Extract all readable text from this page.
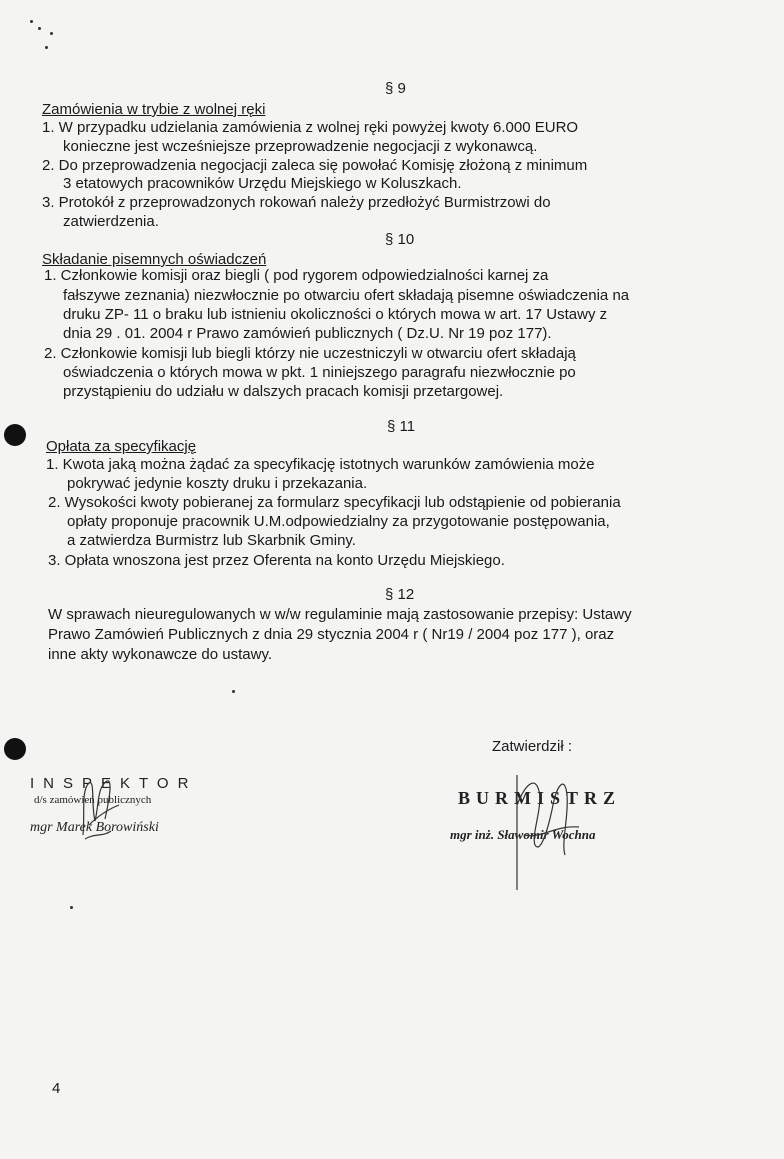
§ 9
Zamówienia w trybie z wolnej ręki
1. W przypadku udzielania zamówienia z wolnej ręki powyżej kwoty 6.000 EURO
konieczne jest wcześniejsze przeprowadzenie negocjacji z wykonawcą.
2. Do przeprowadzenia negocjacji zaleca się powołać Komisję złożoną z minimum
3 etatowych pracowników Urzędu Miejskiego w Koluszkach.
3. Protokół z przeprowadzonych rokowań należy przedłożyć Burmistrzowi do
zatwierdzenia.
§ 10
Składanie pisemnych oświadczeń
1. Członkowie komisji oraz biegli ( pod rygorem odpowiedzialności karnej za
fałszywe zeznania) niezwłocznie po otwarciu ofert składają pisemne oświadczenia na
druku ZP- 11 o braku lub istnieniu okoliczności o których mowa w art. 17 Ustawy z
dnia 29 . 01. 2004 r Prawo zamówień publicznych ( Dz.U. Nr 19 poz 177).
2. Członkowie komisji lub biegli którzy nie uczestniczyli w otwarciu ofert składają
oświadczenia o których mowa w pkt. 1 niniejszego paragrafu niezwłocznie po
przystąpieniu do udziału w dalszych pracach komisji przetargowej.
§ 11
Opłata za specyfikację
1. Kwota jaką można żądać za specyfikację istotnych warunków zamówienia może
pokrywać jedynie koszty druku i przekazania.
2. Wysokości kwoty pobieranej za formularz specyfikacji lub odstąpienie od pobierania
opłaty proponuje pracownik U.M.odpowiedzialny za przygotowanie postępowania,
a zatwierdza Burmistrz lub Skarbnik Gminy.
3. Opłata wnoszona jest przez Oferenta na konto Urzędu Miejskiego.
§ 12
W sprawach nieuregulowanych w w/w regulaminie mają zastosowanie przepisy: Ustawy
Prawo Zamówień Publicznych z dnia 29 stycznia 2004 r ( Nr19 / 2004 poz 177 ), oraz
inne akty wykonawcze do ustawy.
Zatwierdził :
INSPEKTOR
d/s zamówień publicznych
mgr Marek Borowiński
BURMISTRZ
mgr inż. Sławomir Wochna
4
